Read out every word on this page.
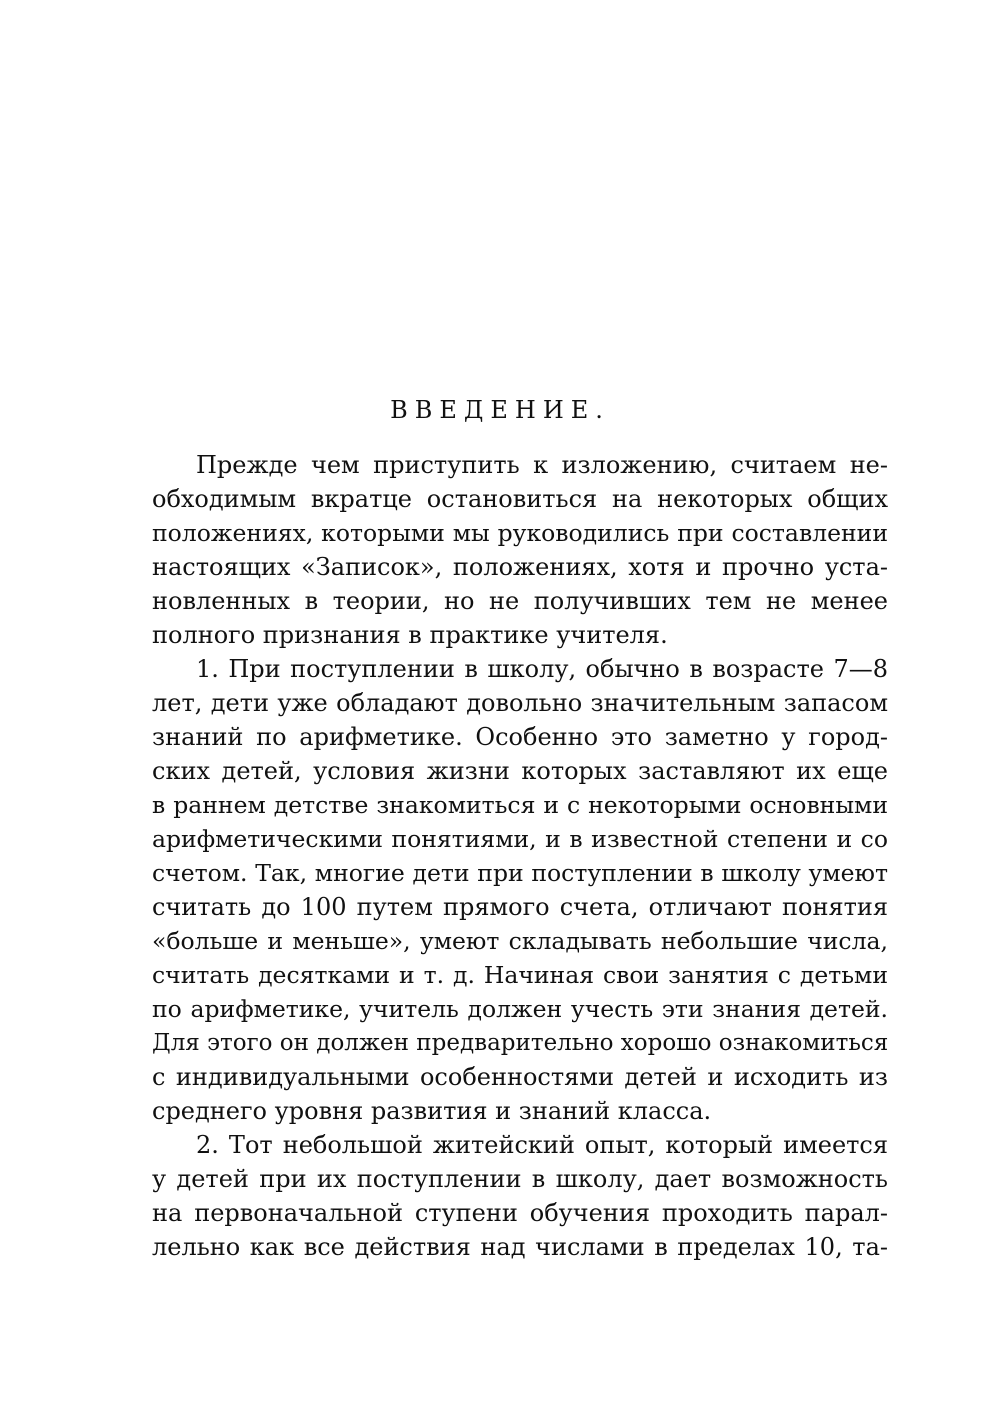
ВВЕДЕНИЕ.

Прежде чем приступить к изложению, считаем не-

обходимым вкратце остановиться на некоторых общих

положениях, которыми мы руководились при составлении

настоящих «Записок», положениях, хотя и прочно уста-

новленных в теории, но не получивших тем не менее

полного признания в практике учителя.

1. При поступлении в школу, обычно в возрасте 7—8

лет, дети уже обладают довольно значительным запасом

знаний по арифметике. Особенно это заметно у город-

ских детей, условия жизни которых заставляют их еще

в раннем детстве знакомиться и с некоторыми основными

арифметическими понятиями, и в известной степени и со

счетом. Так, многие дети при поступлении в школу умеют

считать до 100 путем прямого счета, отличают понятия

«больше и меньше», умеют складывать небольшие числа,

считать десятками и т. д. Начиная свои занятия с детьми

по арифметике, учитель должен учесть эти знания детей.

Для этого он должен предварительно хорошо ознакомиться

с индивидуальными особенностями детей и исходить из

среднего уровня развития и знаний класса.

2. Тот небольшой житейский опыт, который имеется

у детей при их поступлении в школу, дает возможность

на первоначальной ступени обучения проходить парал-

лельно как все действия над числами в пределах 10, та-
